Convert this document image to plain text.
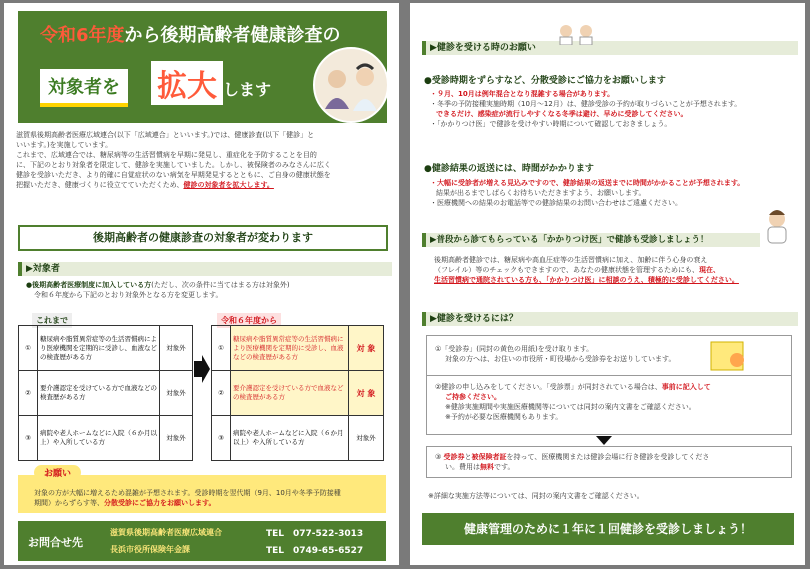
令和6年度から後期高齢者健康診査の
対象者を 拡大 します
滋賀県後期高齢者医療広域連合(以下「広域連合」といいます。)では、健康診査(以下「健診」と
いいます。)を実施しています。
これまで、広域連合では、糖尿病等の生活習慣病を早期に発見し、重症化を予防することを目的
に、下記のとおり対象者を限定して、健診を実施していました。しかし、被保険者のみなさんに広く
健診を受診いただき、より的確に自覚症状のない病気を早期発見するとともに、ご自身の健康状態を
把握いただき、健康づくりに役立てていただくため、健診の対象者を拡大します。
後期高齢者の健康診査の対象者が変わります
▶対象者
●後期高齢者医療制度に加入している方(ただし、次の条件に当てはまる方は対象外)
令和６年度から下記のとおり対象外となる方を変更します。
これまで	令和６年度から
①	糖尿病や脂質異常症等の生活習慣病により医療機関を定期的に受診し、血液などの検査歴がある方	対象外
②	要介護認定を受けている方で血液などの検査歴がある方	対象外
③	病院や老人ホームなどに入院（６か月以上）や入所している方	対象外
①	糖尿病や脂質異常症等の生活習慣病により医療機関を定期的に受診し、血液などの検査歴がある方	対 象
②	要介護認定を受けている方で血液などの検査歴がある方	対 象
③	病院や老人ホームなどに入院（６か月以上）や入所している方	対象外
お願い
対象の方が大幅に増えるため混雑が予想されます。受診時期を翌代期（9月、10月や冬季予防接種
期間）からずらす等、分散受診にご協力をお願いします。
お問合せ先
滋賀県後期高齢者医療広域連合	TEL　077-522-3013
長浜市役所保険年金課	TEL　0749-65-6527
▶健診を受ける時のお願い
●受診時期をずらすなど、分散受診にご協力をお願いします
・９月、10月は例年混合となり混雑する場合があります。
・冬季の予防接種実施時期（10月～12月）は、健診受診の予約が取りづらいことが予想されます。
できるだけ、感染症が流行しやすくなる冬季は避け、早めに受診してください。
・「かかりつけ医」で健診を受けやすい時期について確認しておきましょう。
●健診結果の返送には、時間がかかります
・大幅に受診者が増える見込みですので、健診結果の返送までに時間がかかることが予想されます。
結果が出るまでしばらくお待ちいただきますよう、お願いします。
・医療機関への結果のお電話等での健診結果のお問い合わせはご遠慮ください。
▶普段から診てもらっている「かかりつけ医」で健診も受診しましょう！
後期高齢者健診では、糖尿病や高血圧症等の生活習慣病に加え、加齢に伴う心身の衰え
（フレイル）等のチェックもできますので、あなたの健康状態を管理するためにも、現在、
生活習慣病で通院されている方も、「かかりつけ医」に相談のうえ、積極的に受診してください。
▶健診を受けるには？
①「受診券」(同封の黄色の用紙)を受け取ります。
対象の方へは、お住いの市役所・町役場から受診券をお送りしています。
②健診の申し込みをしてください。「受診票」が同封されている場合は、事前に記入して
ご持参ください。
※健診実施期間や実施医療機関等については同封の案内文書をご確認ください。
※予約が必要な医療機関もあります。
③ 受診券と被保険者証を持って、医療機関または健診会場に行き健診を受診してくださ
い。費用は無料です。
※詳細な実施方法等については、同封の案内文書をご確認ください。
健康管理のために１年に１回健診を受診しましょう！
